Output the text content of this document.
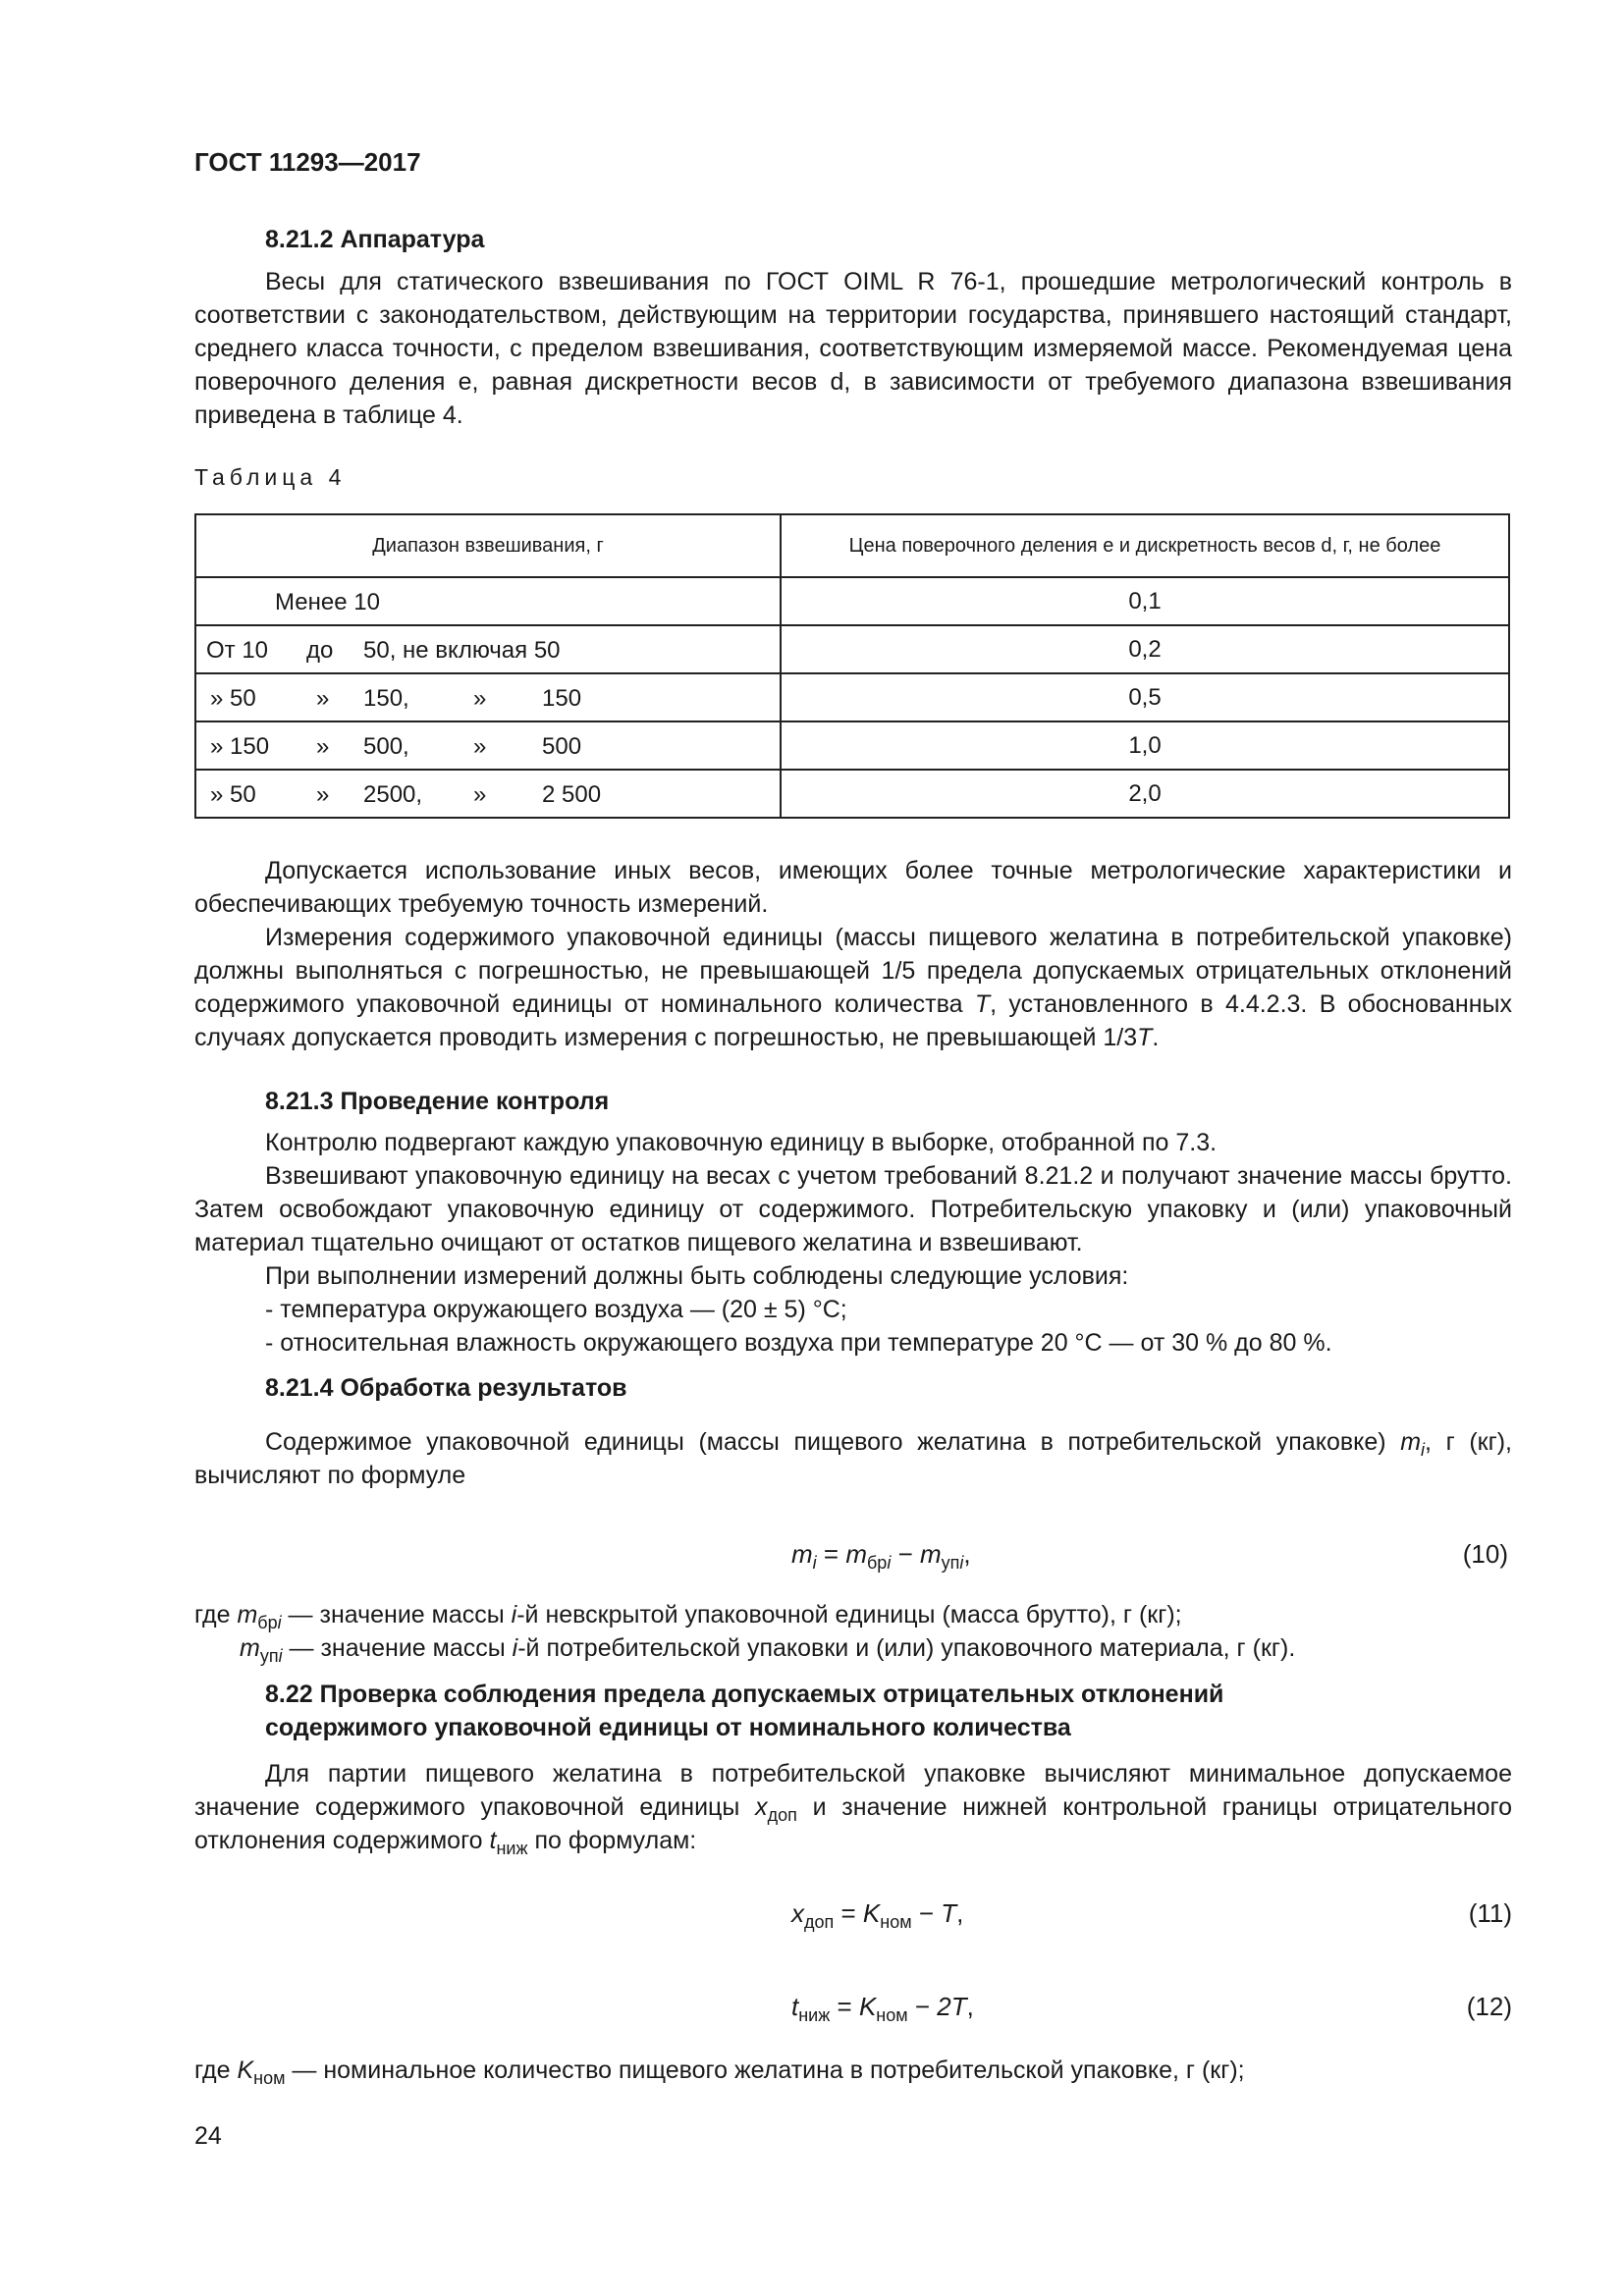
ГОСТ 11293—2017
8.21.2 Аппаратура
Весы для статического взвешивания по ГОСТ OIML R 76-1, прошедшие метрологический контроль в соответствии с законодательством, действующим на территории государства, принявшего настоящий стандарт, среднего класса точности, с пределом взвешивания, соответствующим измеряемой массе. Рекомендуемая цена поверочного деления e, равная дискретности весов d, в зависимости от требуемого диапазона взвешивания приведена в таблице 4.
Таблица 4
Диапазон взвешивания, г	Цена поверочного деления e и дискретность весов d, г, не более

Менее 10	0,1

От 10 до 50, не включая 50	0,2

» 50 » 150, » 150	0,5

» 150 » 500, » 500	1,0

» 50 » 2500, » 2 500	2,0
Допускается использование иных весов, имеющих более точные метрологические характеристики и обеспечивающих требуемую точность измерений.
Измерения содержимого упаковочной единицы (массы пищевого желатина в потребительской упаковке) должны выполняться с погрешностью, не превышающей 1/5 предела допускаемых отрицательных отклонений содержимого упаковочной единицы от номинального количества T, установленного в 4.4.2.3. В обоснованных случаях допускается проводить измерения с погрешностью, не превышающей 1/3T.
8.21.3 Проведение контроля
Контролю подвергают каждую упаковочную единицу в выборке, отобранной по 7.3.
Взвешивают упаковочную единицу на весах с учетом требований 8.21.2 и получают значение массы брутто. Затем освобождают упаковочную единицу от содержимого. Потребительскую упаковку и (или) упаковочный материал тщательно очищают от остатков пищевого желатина и взвешивают.
При выполнении измерений должны быть соблюдены следующие условия:
- температура окружающего воздуха — (20 ± 5) °С;
- относительная влажность окружающего воздуха при температуре 20 °С — от 30 % до 80 %.
8.21.4 Обработка результатов
Содержимое упаковочной единицы (массы пищевого желатина в потребительской упаковке) $m_i$, г (кг), вычисляют по формуле
$m_i = m_{брi} - m_{упi}$,	(10)
где $m_{брi}$ — значение массы i-й невскрытой упаковочной единицы (масса брутто), г (кг);
$m_{упi}$ — значение массы i-й потребительской упаковки и (или) упаковочного материала, г (кг).
8.22 Проверка соблюдения предела допускаемых отрицательных отклонений
содержимого упаковочной единицы от номинального количества
Для партии пищевого желатина в потребительской упаковке вычисляют минимальное допускаемое значение содержимого упаковочной единицы $x_{доп}$ и значение нижней контрольной границы отрицательного отклонения содержимого $t_{ниж}$ по формулам:
$x_{доп} = K_{ном} - T$,	(11)
$t_{ниж} = K_{ном} - 2T$,	(12)
где $K_{ном}$ — номинальное количество пищевого желатина в потребительской упаковке, г (кг);
24
